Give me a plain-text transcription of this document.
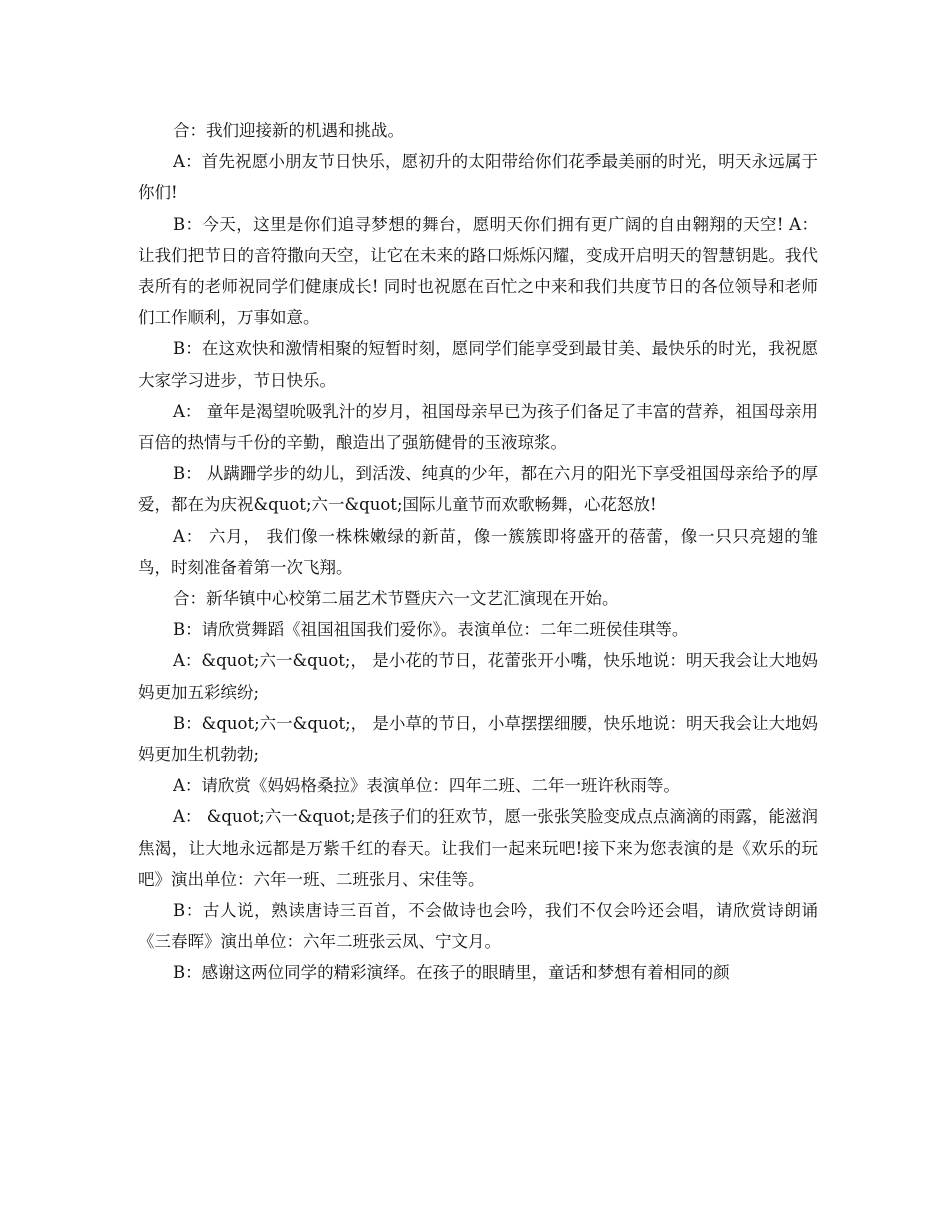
合：我们迎接新的机遇和挑战。

A：首先祝愿小朋友节日快乐，愿初升的太阳带给你们花季最美丽的时光，明天永远属于你们!

B：今天，这里是你们追寻梦想的舞台，愿明天你们拥有更广阔的自由翱翔的天空! A：让我们把节日的音符撒向天空，让它在未来的路口烁烁闪耀，变成开启明天的智慧钥匙。我代表所有的老师祝同学们健康成长! 同时也祝愿在百忙之中来和我们共度节日的各位领导和老师们工作顺利，万事如意。

B：在这欢快和激情相聚的短暂时刻，愿同学们能享受到最甘美、最快乐的时光，我祝愿大家学习进步，节日快乐。

A： 童年是渴望吮吸乳汁的岁月，祖国母亲早已为孩子们备足了丰富的营养，祖国母亲用百倍的热情与千份的辛勤，酿造出了强筋健骨的玉液琼浆。

B： 从蹒跚学步的幼儿，到活泼、纯真的少年，都在六月的阳光下享受祖国母亲给予的厚爱，都在为庆祝&quot;六一&quot;国际儿童节而欢歌畅舞，心花怒放!

A： 六月， 我们像一株株嫩绿的新苗，像一簇簇即将盛开的蓓蕾，像一只只亮翅的雏鸟，时刻准备着第一次飞翔。

合：新华镇中心校第二届艺术节暨庆六一文艺汇演现在开始。

B：请欣赏舞蹈《祖国祖国我们爱你》。表演单位：二年二班侯佳琪等。

A：&quot;六一&quot;， 是小花的节日，花蕾张开小嘴，快乐地说：明天我会让大地妈妈更加五彩缤纷;

B：&quot;六一&quot;， 是小草的节日，小草摆摆细腰，快乐地说：明天我会让大地妈妈更加生机勃勃;

A：请欣赏《妈妈格桑拉》表演单位：四年二班、二年一班许秋雨等。

A： &quot;六一&quot;是孩子们的狂欢节，愿一张张笑脸变成点点滴滴的雨露，能滋润焦渴，让大地永远都是万紫千红的春天。让我们一起来玩吧!接下来为您表演的是《欢乐的玩吧》演出单位：六年一班、二班张月、宋佳等。

B：古人说，熟读唐诗三百首，不会做诗也会吟，我们不仅会吟还会唱，请欣赏诗朗诵《三春晖》演出单位：六年二班张云凤、宁文月。

B：感谢这两位同学的精彩演绎。在孩子的眼睛里，童话和梦想有着相同的颜
